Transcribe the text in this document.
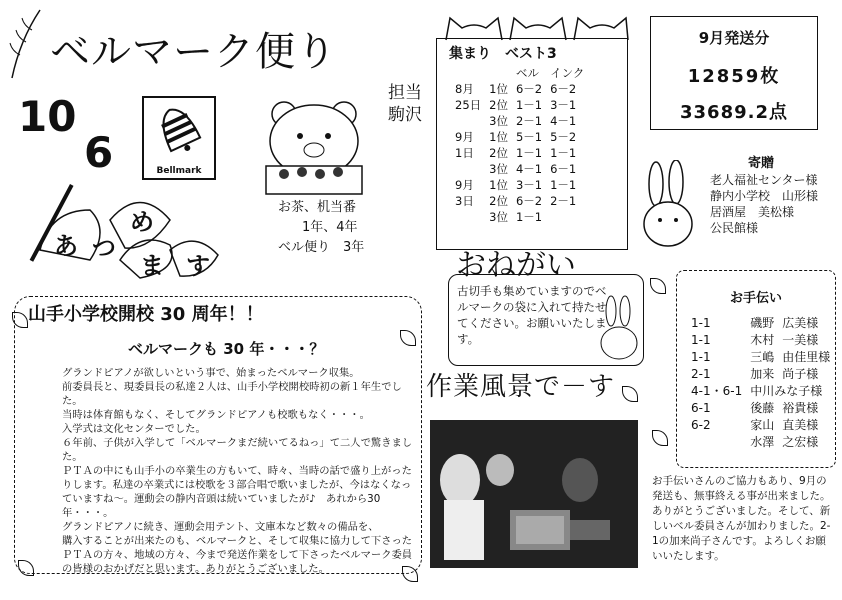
ベルマーク便り
10
6	Bellmark
担当
駒沢
お茶、机当番
1年、4年
ベル便り　3年
あ つ
め
ま す
集まり　ベスト3
		ベル	インク
8月	1位	6－2	6－2
25日	2位	1－1	3－1
	3位	2－1	4－1
9月	1位	5－1	5－2
1日	2位	1－1	1－1
	3位	4－1	6－1
9月	1位	3－1	1－1
3日	2位	6－2	2－1
	3位	1－1	
9月発送分
12859枚
33689.2点
寄贈
老人福祉センター様
静内小学校　山形様
居酒屋　美松様
公民館様
おねがい

古切手も集めていますのでベルマークの袋に入れて持たせてください。お願いいたします。

作業風景で－す
お手伝い
1-1	磯野	広美様
1-1	木村	一美様
1-1	三嶋	由佳里様
2-1	加来	尚子様
4-1・6-1	中川みな子様	
6-1	後藤	裕貴様
6-2	家山	直美様
	水澤	之宏様
お手伝いさんのご協力もあり、9月の発送も、無事終える事が出来ました。ありがとうございました。そして、新しいベル委員さんが加わりました。2-1の加来尚子さんです。よろしくお願いいたします。
山手小学校開校 30 周年！！
ベルマークも 30 年・・・？

グランドピアノが欲しいという事で、始まったベルマーク収集。

前委員長と、現委員長の私達２人は、山手小学校開校時初の新１年生でした。

当時は体育館もなく、そしてグランドピアノも校歌もなく・・・。

入学式は文化センターでした。

６年前、子供が入学して「ベルマークまだ続いてるねっ」て二人で驚きました。

ＰＴＡの中にも山手小の卒業生の方もいて、時々、当時の話で盛り上がったりします。私達の卒業式には校歌を３部合唱で歌いましたが、今はなくなっていますね～。運動会の静内音頭は続いていましたが♪　あれから30年・・・。

グランドピアノに続き、運動会用テント、文庫本など数々の備品を、

購入することが出来たのも、ベルマークと、そして収集に協力して下さったＰＴＡの方々、地域の方々、今まで発送作業をして下さったベルマーク委員の皆様のおかげだと思います。ありがとうございました。
